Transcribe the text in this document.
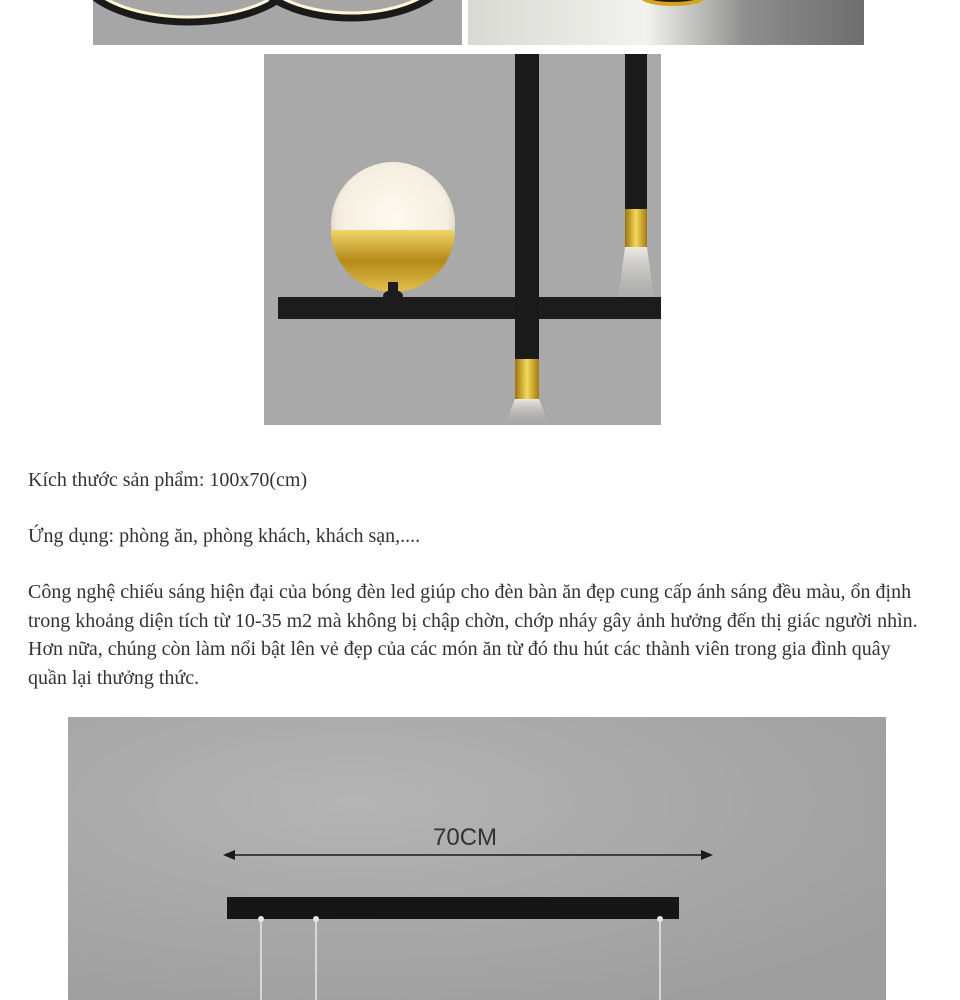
Kích thước sản phẩm: 100x70(cm)

Ứng dụng: phòng ăn, phòng khách, khách sạn,....

Công nghệ chiếu sáng hiện đại của bóng đèn led giúp cho đèn bàn ăn đẹp cung cấp ánh sáng đều màu, ổn định trong khoảng diện tích từ 10-35 m2 mà không bị chập chờn, chớp nháy gây ảnh hưởng đến thị giác người nhìn. Hơn nữa, chúng còn làm nổi bật lên vẻ đẹp của các món ăn từ đó thu hút các thành viên trong gia đình quây quần lại thưởng thức.

70CM
